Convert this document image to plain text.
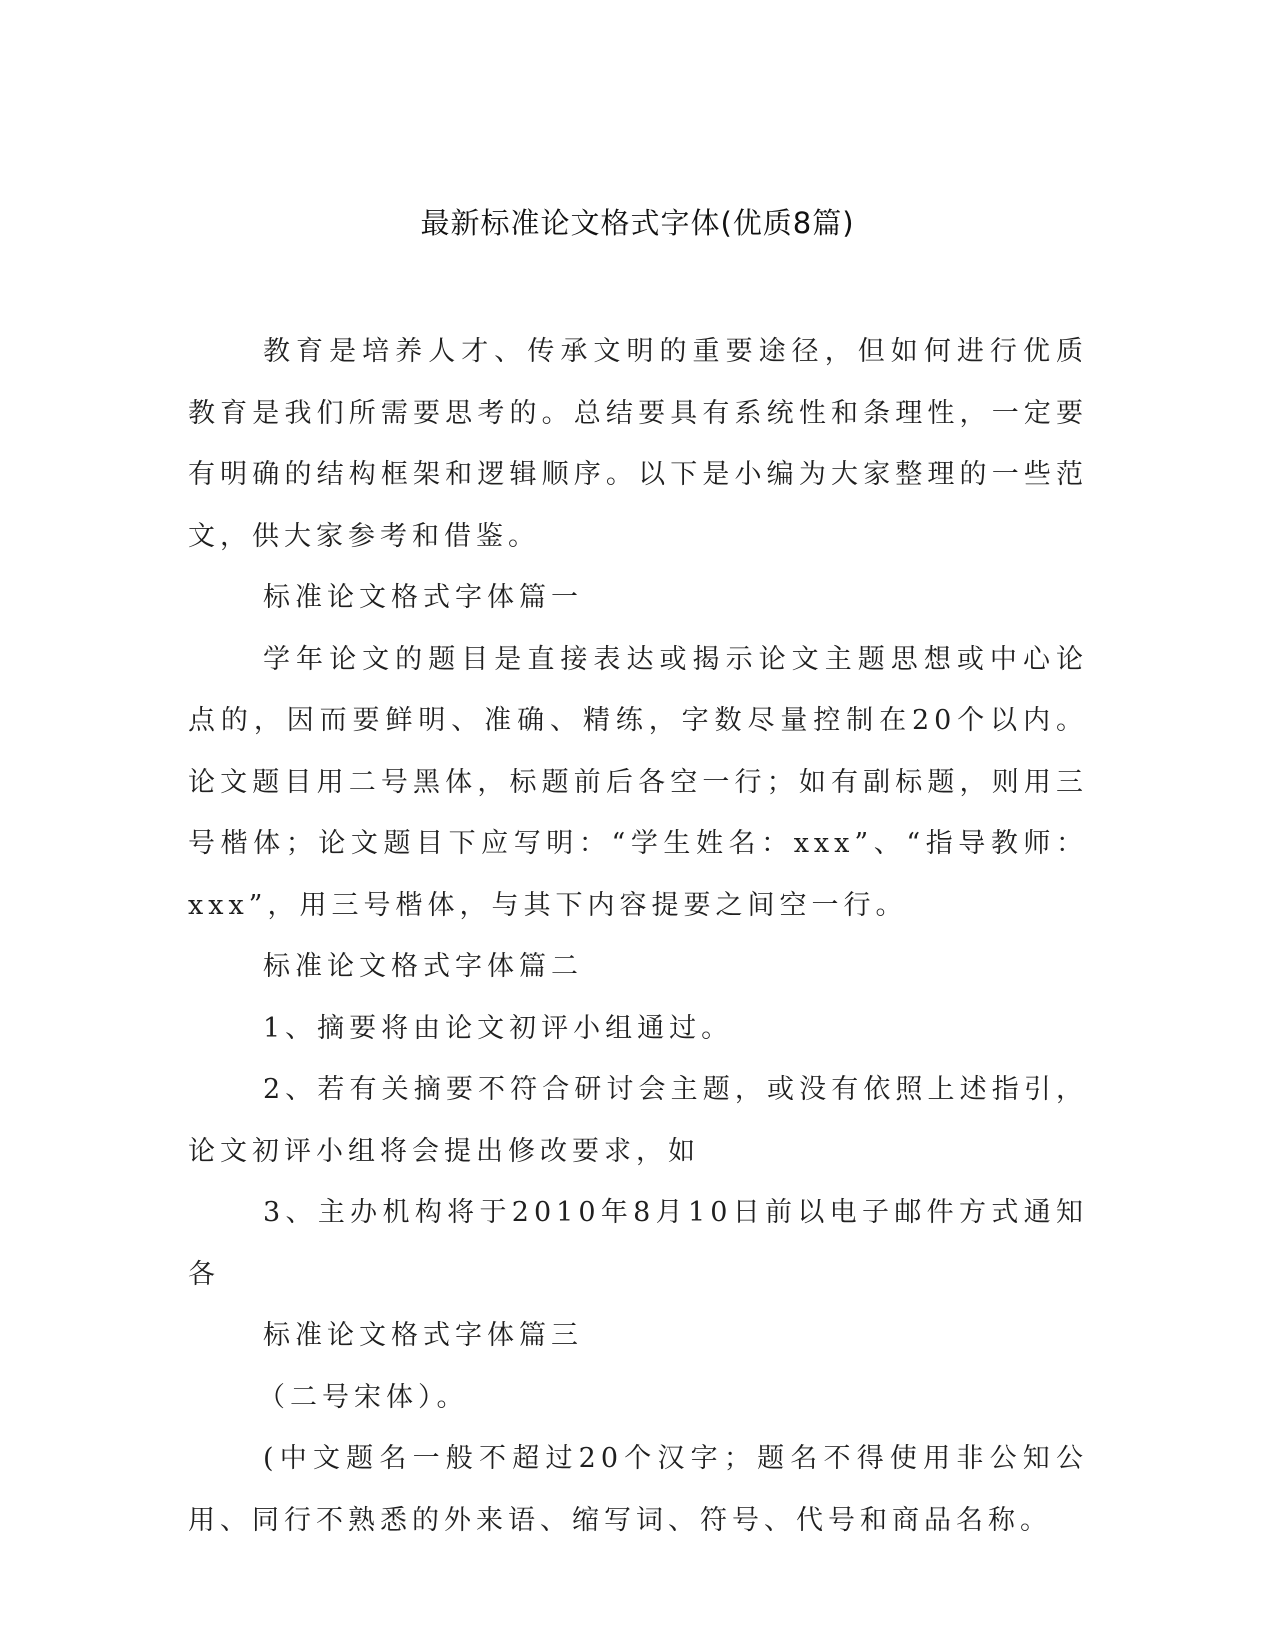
最新标准论文格式字体(优质8篇)

教育是培养人才、传承文明的重要途径，但如何进行优质教育是我们所需要思考的。总结要具有系统性和条理性，一定要有明确的结构框架和逻辑顺序。以下是小编为大家整理的一些范文，供大家参考和借鉴。

标准论文格式字体篇一

学年论文的题目是直接表达或揭示论文主题思想或中心论点的，因而要鲜明、准确、精练，字数尽量控制在20个以内。论文题目用二号黑体，标题前后各空一行；如有副标题，则用三号楷体；论文题目下应写明：“学生姓名：xxx”、“指导教师：xxx”，用三号楷体，与其下内容提要之间空一行。

标准论文格式字体篇二

1、摘要将由论文初评小组通过。

2、若有关摘要不符合研讨会主题，或没有依照上述指引，论文初评小组将会提出修改要求，如

3、主办机构将于2010年8月10日前以电子邮件方式通知各

标准论文格式字体篇三

（二号宋体）。

(中文题名一般不超过20个汉字；题名不得使用非公知公用、同行不熟悉的外来语、缩写词、符号、代号和商品名称。
